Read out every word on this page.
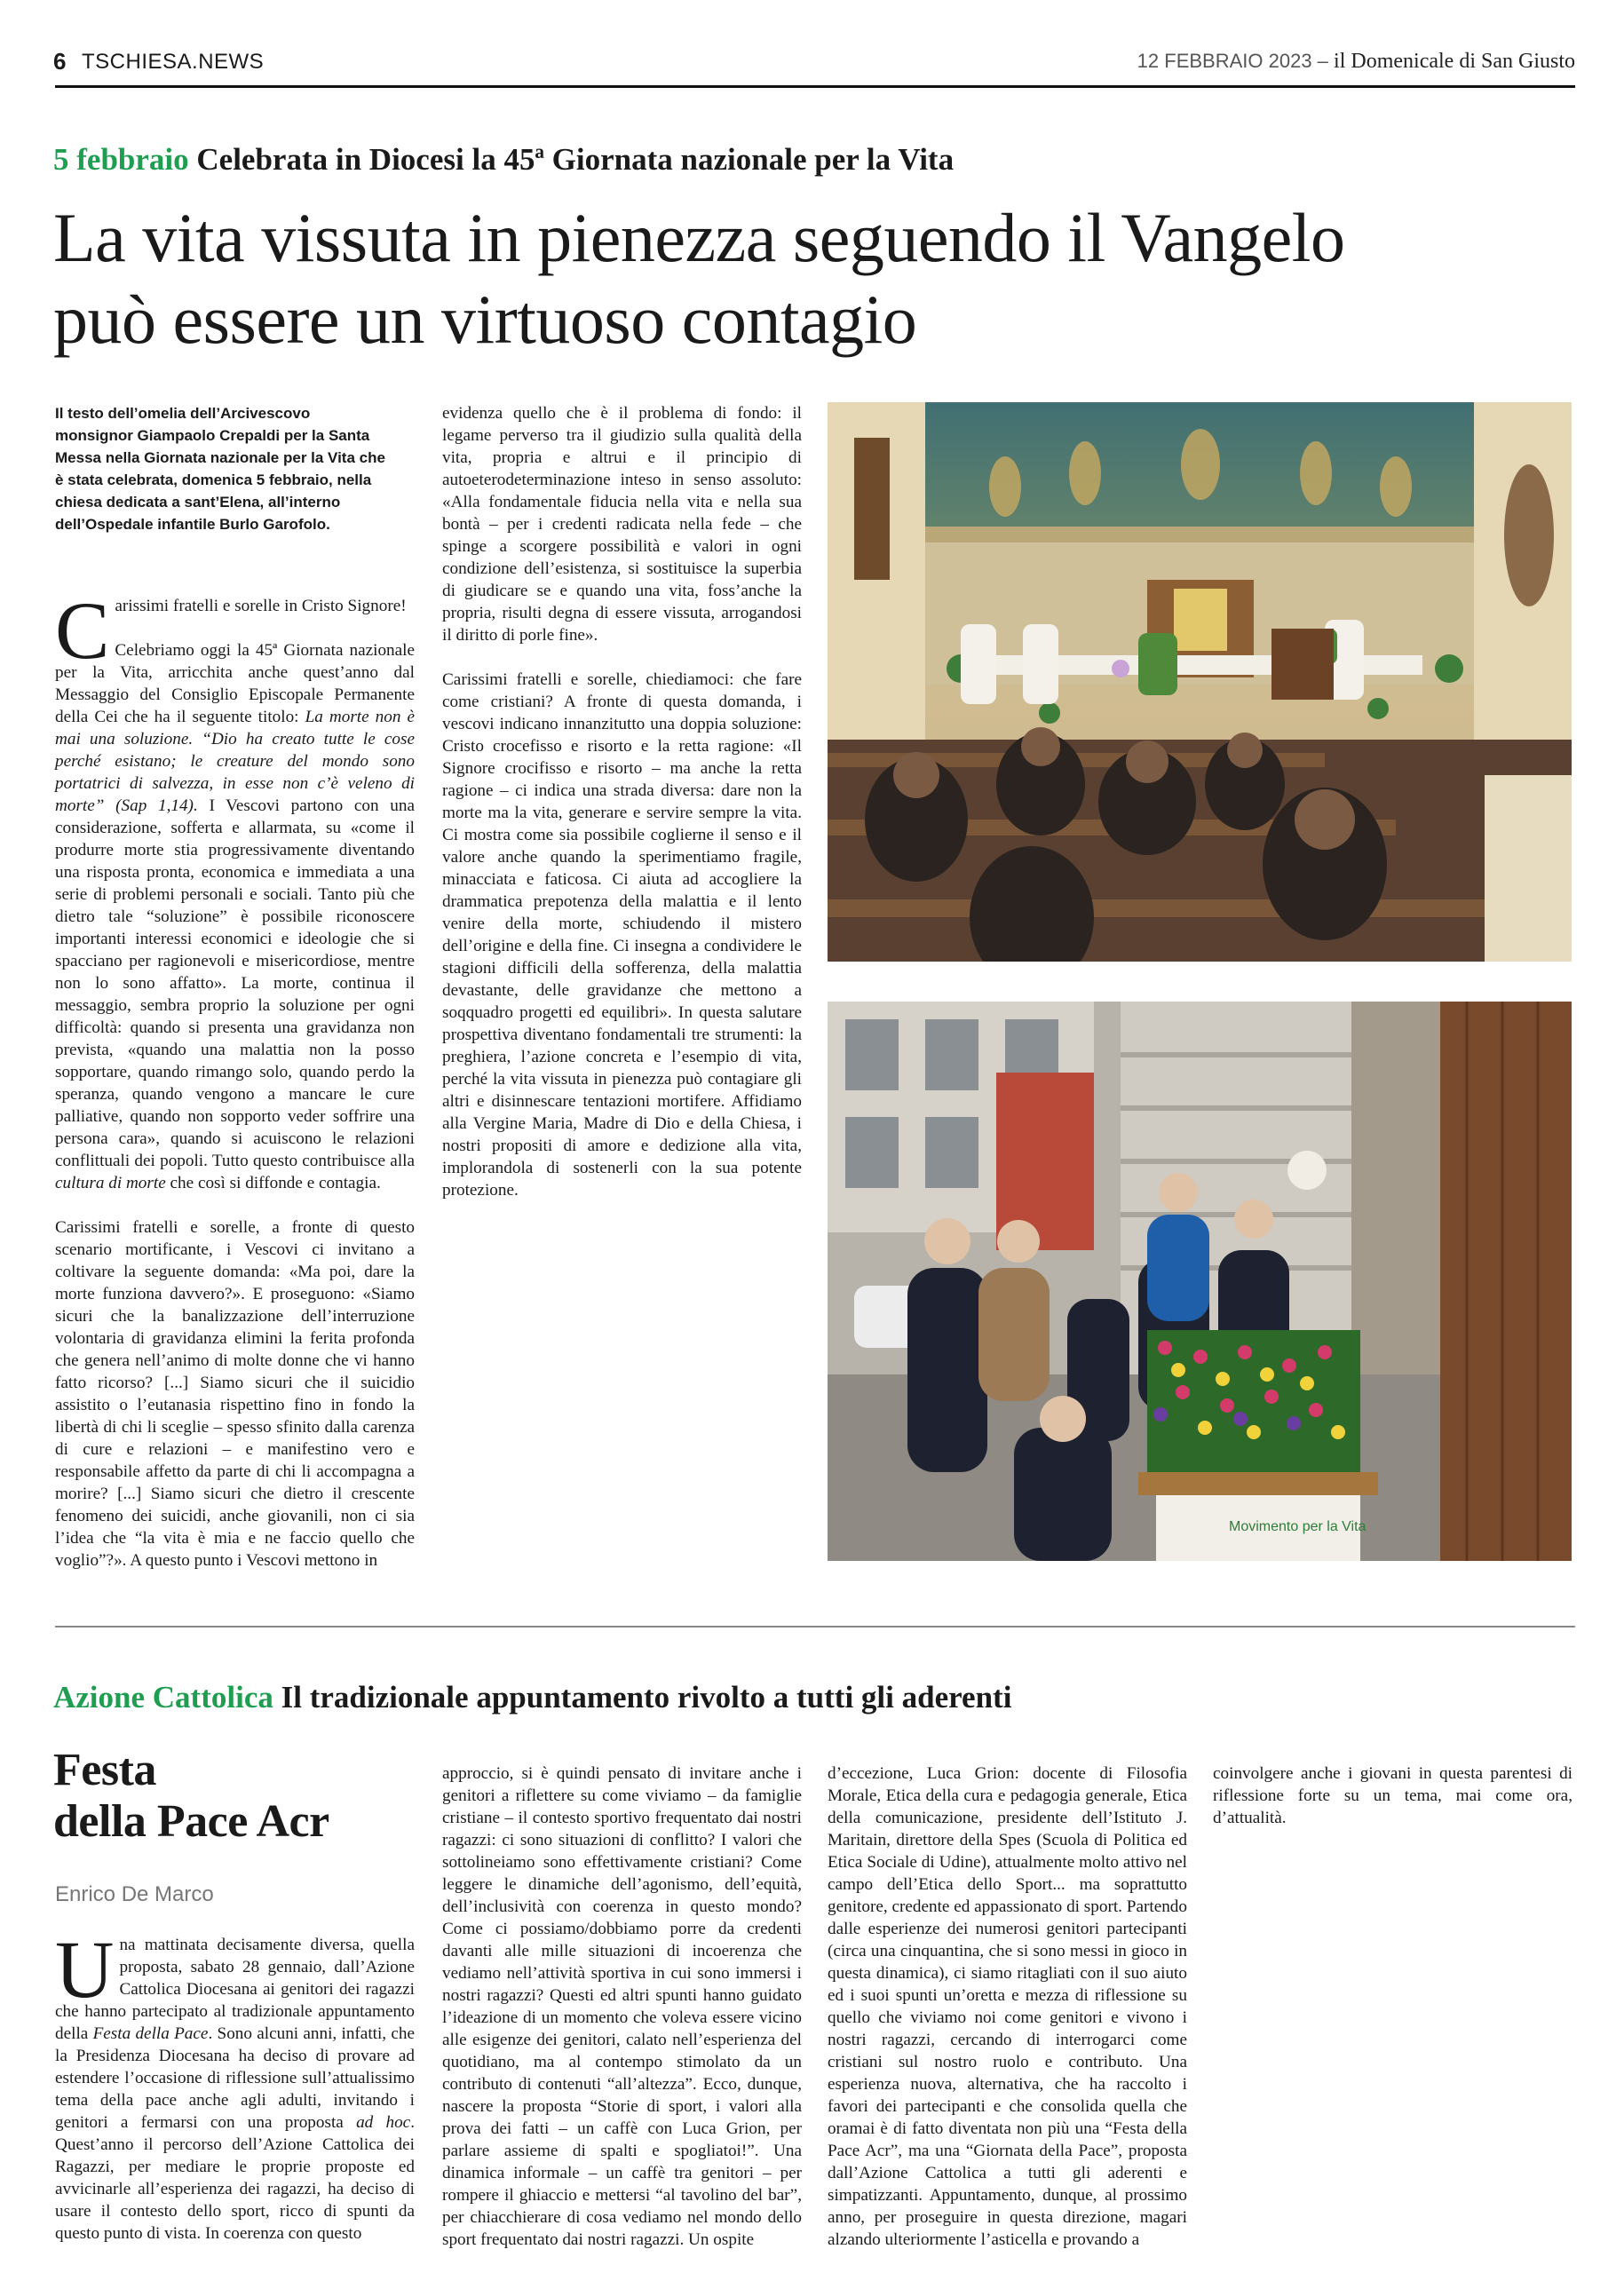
6 TSCHIESA.NEWS	12 FEBBRAIO 2023 – il Domenicale di San Giusto
5 febbraio Celebrata in Diocesi la 45ª Giornata nazionale per la Vita
La vita vissuta in pienezza seguendo il Vangelo
può essere un virtuoso contagio
Il testo dell’omelia dell’Arcivescovo monsignor Giampaolo Crepaldi per la Santa Messa nella Giornata nazionale per la Vita che è stata celebrata, domenica 5 febbraio, nella chiesa dedicata a sant’Elena, all’interno dell’Ospedale infantile Burlo Garofolo.

Carissimi fratelli e sorelle in Cristo Signore!

Celebriamo oggi la 45ª Giornata nazionale per la Vita, arricchita anche quest’anno dal Messaggio del Consiglio Episcopale Permanente della Cei che ha il seguente titolo: La morte non è mai una soluzione. “Dio ha creato tutte le cose perché esistano; le creature del mondo sono portatrici di salvezza, in esse non c’è veleno di morte” (Sap 1,14). I Vescovi partono con una considerazione, sofferta e allarmata, su «come il produrre morte stia progressivamente diventando una risposta pronta, economica e immediata a una serie di problemi personali e sociali. Tanto più che dietro tale “soluzione” è possibile riconoscere importanti interessi economici e ideologie che si spacciano per ragionevoli e misericordiose, mentre non lo sono affatto». La morte, continua il messaggio, sembra proprio la soluzione per ogni difficoltà: quando si presenta una gravidanza non prevista, «quando una malattia non la posso sopportare, quando rimango solo, quando perdo la speranza, quando vengono a mancare le cure palliative, quando non sopporto veder soffrire una persona cara», quando si acuiscono le relazioni conflittuali dei popoli. Tutto questo contribuisce alla cultura di morte che così si diffonde e contagia.

Carissimi fratelli e sorelle, a fronte di questo scenario mortificante, i Vescovi ci invitano a coltivare la seguente domanda: «Ma poi, dare la morte funziona davvero?». E proseguono: «Siamo sicuri che la banalizzazione dell’interruzione volontaria di gravidanza elimini la ferita profonda che genera nell’animo di molte donne che vi hanno fatto ricorso? [...] Siamo sicuri che il suicidio assistito o l’eutanasia rispettino fino in fondo la libertà di chi li sceglie – spesso sfinito dalla carenza di cure e relazioni – e manifestino vero e responsabile affetto da parte di chi li accompagna a morire? [...] Siamo sicuri che dietro il crescente fenomeno dei suicidi, anche giovanili, non ci sia l’idea che “la vita è mia e ne faccio quello che voglio”?». A questo punto i Vescovi mettono in

evidenza quello che è il problema di fondo: il legame perverso tra il giudizio sulla qualità della vita, propria e altrui e il principio di autoeterodeterminazione inteso in senso assoluto: «Alla fondamentale fiducia nella vita e nella sua bontà – per i credenti radicata nella fede – che spinge a scorgere possibilità e valori in ogni condizione dell’esistenza, si sostituisce la superbia di giudicare se e quando una vita, foss’anche la propria, risulti degna di essere vissuta, arrogandosi il diritto di porle fine».

Carissimi fratelli e sorelle, chiediamoci: che fare come cristiani? A fronte di questa domanda, i vescovi indicano innanzitutto una doppia soluzione: Cristo crocefisso e risorto e la retta ragione: «Il Signore crocifisso e risorto – ma anche la retta ragione – ci indica una strada diversa: dare non la morte ma la vita, generare e servire sempre la vita. Ci mostra come sia possibile coglierne il senso e il valore anche quando la sperimentiamo fragile, minacciata e faticosa. Ci aiuta ad accogliere la drammatica prepotenza della malattia e il lento venire della morte, schiudendo il mistero dell’origine e della fine. Ci insegna a condividere le stagioni difficili della sofferenza, della malattia devastante, delle gravidanze che mettono a soqquadro progetti ed equilibri». In questa salutare prospettiva diventano fondamentali tre strumenti: la preghiera, l’azione concreta e l’esempio di vita, perché la vita vissuta in pienezza può contagiare gli altri e disinnescare tentazioni mortifere. Affidiamo alla Vergine Maria, Madre di Dio e della Chiesa, i nostri propositi di amore e dedizione alla vita, implorandola di sostenerli con la sua potente protezione.

Movimento per la Vita
Azione Cattolica Il tradizionale appuntamento rivolto a tutti gli aderenti
Festa
della Pace Acr
Enrico De Marco

Una mattinata decisamente diversa, quella proposta, sabato 28 gennaio, dall’Azione Cattolica Diocesana ai genitori dei ragazzi che hanno partecipato al tradizionale appuntamento della Festa della Pace. Sono alcuni anni, infatti, che la Presidenza Diocesana ha deciso di provare ad estendere l’occasione di riflessione sull’attualissimo tema della pace anche agli adulti, invitando i genitori a fermarsi con una proposta ad hoc. Quest’anno il percorso dell’Azione Cattolica dei Ragazzi, per mediare le proprie proposte ed avvicinarle all’esperienza dei ragazzi, ha deciso di usare il contesto dello sport, ricco di spunti da questo punto di vista. In coerenza con questo

approccio, si è quindi pensato di invitare anche i genitori a riflettere su come viviamo – da famiglie cristiane – il contesto sportivo frequentato dai nostri ragazzi: ci sono situazioni di conflitto? I valori che sottolineiamo sono effettivamente cristiani? Come leggere le dinamiche dell’agonismo, dell’equità, dell’inclusività con coerenza in questo mondo? Come ci possiamo/dobbiamo porre da credenti davanti alle mille situazioni di incoerenza che vediamo nell’attività sportiva in cui sono immersi i nostri ragazzi? Questi ed altri spunti hanno guidato l’ideazione di un momento che voleva essere vicino alle esigenze dei genitori, calato nell’esperienza del quotidiano, ma al contempo stimolato da un contributo di contenuti “all’altezza”. Ecco, dunque, nascere la proposta “Storie di sport, i valori alla prova dei fatti – un caffè con Luca Grion, per parlare assieme di spalti e spogliatoi!”. Una dinamica informale – un caffè tra genitori – per rompere il ghiaccio e mettersi “al tavolino del bar”, per chiacchierare di cosa vediamo nel mondo dello sport frequentato dai nostri ragazzi. Un ospite

d’eccezione, Luca Grion: docente di Filosofia Morale, Etica della cura e pedagogia generale, Etica della comunicazione, presidente dell’Istituto J. Maritain, direttore della Spes (Scuola di Politica ed Etica Sociale di Udine), attualmente molto attivo nel campo dell’Etica dello Sport... ma soprattutto genitore, credente ed appassionato di sport. Partendo dalle esperienze dei numerosi genitori partecipanti (circa una cinquantina, che si sono messi in gioco in questa dinamica), ci siamo ritagliati con il suo aiuto ed i suoi spunti un’oretta e mezza di riflessione su quello che viviamo noi come genitori e vivono i nostri ragazzi, cercando di interrogarci come cristiani sul nostro ruolo e contributo. Una esperienza nuova, alternativa, che ha raccolto i favori dei partecipanti e che consolida quella che oramai è di fatto diventata non più una “Festa della Pace Acr”, ma una “Giornata della Pace”, proposta dall’Azione Cattolica a tutti gli aderenti e simpatizzanti. Appuntamento, dunque, al prossimo anno, per proseguire in questa direzione, magari alzando ulteriormente l’asticella e provando a

coinvolgere anche i giovani in questa parentesi di riflessione forte su un tema, mai come ora, d’attualità.
